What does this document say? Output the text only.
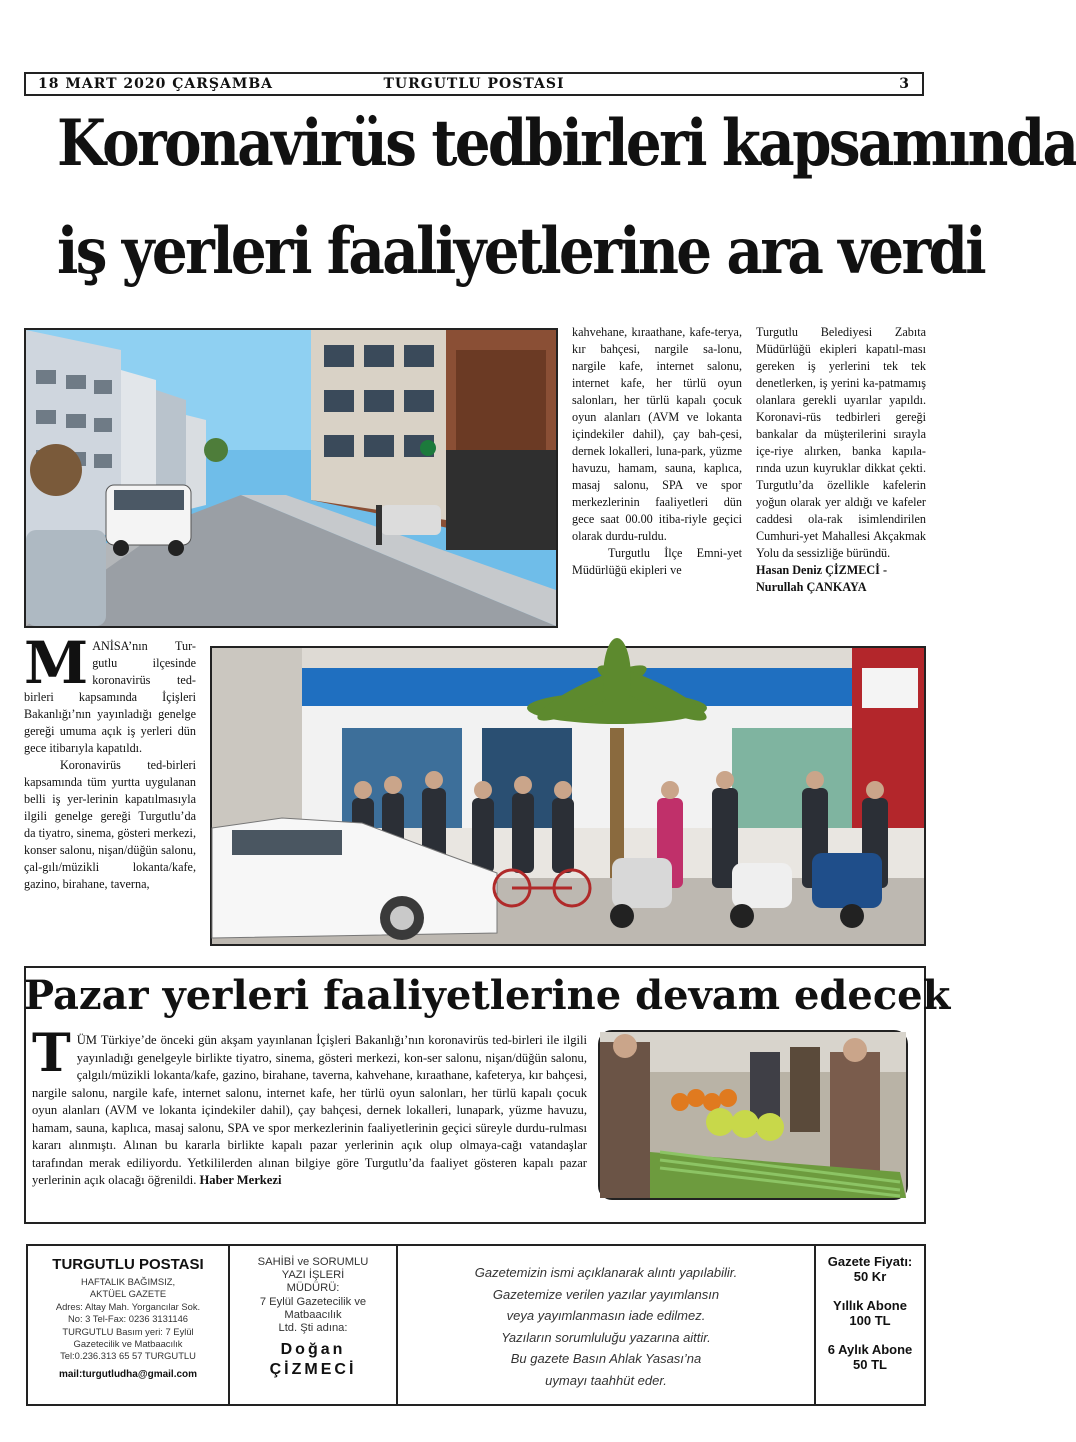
18 MART 2020 ÇARŞAMBA	TURGUTLU POSTASI	3
Koronavirüs tedbirleri kapsamında
iş yerleri faaliyetlerine ara verdi

kahvehane, kıraathane, kafe-terya, kır bahçesi, nargile sa-lonu, nargile kafe, internet salonu, internet kafe, her türlü oyun salonları, her türlü kapalı çocuk oyun alanları (AVM ve lokanta içindekiler dahil), çay bah-çesi, dernek lokalleri, luna-park, yüzme havuzu, hamam, sauna, kaplıca, masaj salonu, SPA ve spor merkezlerinin faaliyetleri dün gece saat 00.00 itiba-riyle geçici olarak durdu-ruldu.

Turgutlu İlçe Emni-yet Müdürlüğü ekipleri ve

Turgutlu Belediyesi Zabıta Müdürlüğü ekipleri kapatıl-ması gereken iş yerlerini tek tek denetlerken, iş yerini ka-patmamış olanlara gerekli uyarılar yapıldı. Koronavi-rüs tedbirleri gereği bankalar da müşterilerini sırayla içe-riye alırken, banka kapıla-rında uzun kuyruklar dikkat çekti. Turgutlu’da özellikle kafelerin yoğun olarak yer aldığı ve kafeler caddesi ola-rak isimlendirilen Cumhuri-yet Mahallesi Akçakmak Yolu da sessizliğe büründü.

Hasan Deniz ÇİZMECİ - Nurullah ÇANKAYA

MANİSA’nın Tur-gutlu ilçesinde koronavirüs ted-birleri kapsamında İçişleri Bakanlığı’nın yayınladığı genelge gereği umuma açık iş yerleri dün gece itibarıyla kapatıldı.

Koronavirüs ted-birleri kapsamında tüm yurtta uygulanan belli iş yer-lerinin kapatılmasıyla ilgili genelge gereği Turgutlu’da da tiyatro, sinema, gösteri merkezi, konser salonu, nişan/düğün salonu, çal-gılı/müzikli lokanta/kafe, gazino, birahane, taverna,

Pazar yerleri faaliyetlerine devam edecek
TÜM Türkiye’de önceki gün akşam yayınlanan İçişleri Bakanlığı’nın koronavirüs ted-birleri ile ilgili yayınladığı genelgeyle birlikte tiyatro, sinema, gösteri merkezi, kon-ser salonu, nişan/düğün salonu, çalgılı/müzikli lokanta/kafe, gazino, birahane, taverna, kahvehane, kıraathane, kafeterya, kır bahçesi, nargile salonu, nargile kafe, internet salonu, internet kafe, her türlü oyun salonları, her türlü kapalı çocuk oyun alanları (AVM ve lokanta içindekiler dahil), çay bahçesi, dernek lokalleri, lunapark, yüzme havuzu, hamam, sauna, kaplıca, masaj salonu, SPA ve spor merkezlerinin faaliyetlerinin geçici süreyle durdu-rulması kararı alınmıştı. Alınan bu kararla birlikte kapalı pazar yerlerinin açık olup olmaya-cağı vatandaşlar tarafından merak ediliyordu. Yetkililerden alınan bilgiye göre Turgutlu’da faaliyet gösteren kapalı pazar yerlerinin açık olacağı öğrenildi. Haber Merkezi
TURGUTLU POSTASI
HAFTALIK BAĞIMSIZ,
AKTÜEL GAZETE
Adres: Altay Mah. Yorgancılar Sok.
No: 3 Tel-Fax: 0236 3131146
TURGUTLU Basım yeri: 7 Eylül
Gazetecilik ve Matbaacılık
Tel:0.236.313 65 57 TURGUTLU
mail:turgutludha@gmail.com
SAHİBİ ve SORUMLU
YAZI İŞLERİ
MÜDÜRÜ:
7 Eylül Gazetecilik ve
Matbaacılık
Ltd. Şti adına:
Doğan
ÇİZMECİ
Gazetemizin ismi açıklanarak alıntı yapılabilir.
Gazetemize verilen yazılar yayımlansın
veya yayımlanmasın iade edilmez.
Yazıların sorumluluğu yazarına aittir.
Bu gazete Basın Ahlak Yasası’na
uymayı taahhüt eder.
Gazete Fiyatı:
50 Kr
Yıllık Abone
100 TL
6 Aylık Abone
50 TL
